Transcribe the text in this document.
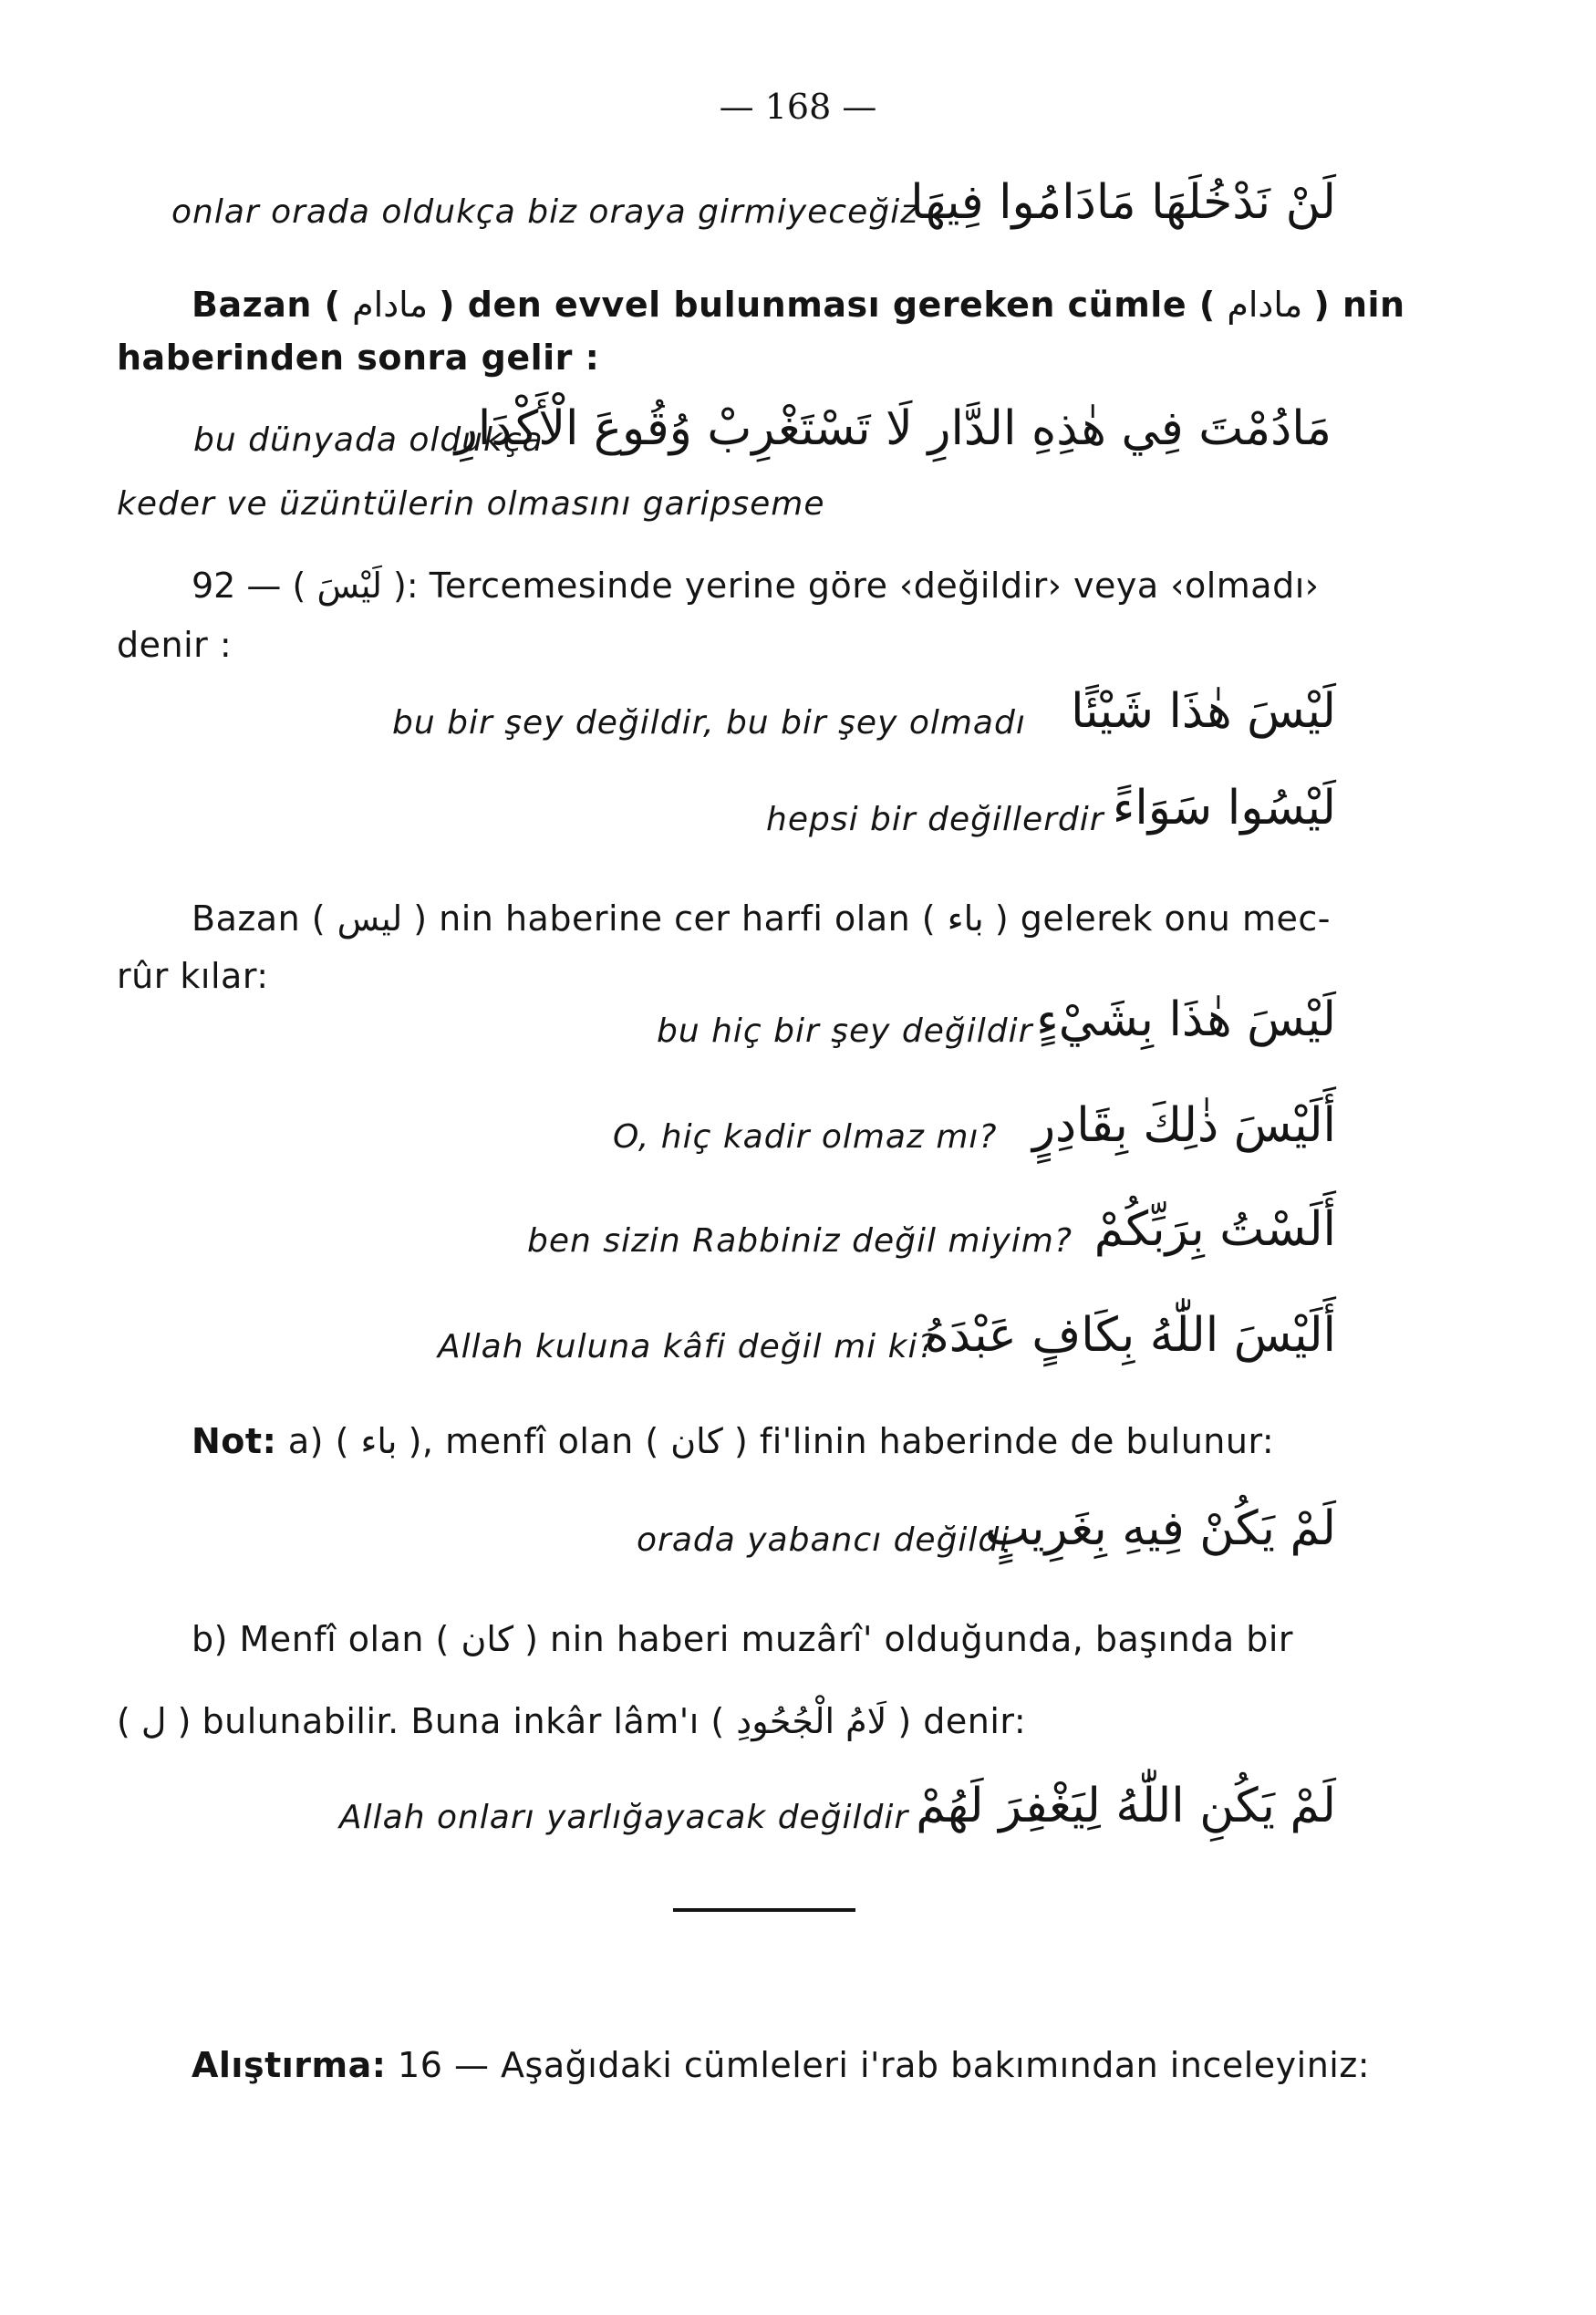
— 168 —
onlar orada oldukça biz oraya girmiyeceğiz
لَنْ نَدْخُلَهَا مَادَامُوا فِيهَا
Bazan ( مادام ) den evvel bulunması gereken cümle ( مادام ) nin
haberinden sonra gelir :
bu dünyada oldukça
مَادُمْتَ فِي هٰذِهِ الدَّارِ لَا تَسْتَغْرِبْ وُقُوعَ الْأَكْدَارِ
keder ve üzüntülerin olmasını garipseme
92 — ( لَيْسَ ): Tercemesinde yerine göre ‹değildir› veya ‹olmadı›
denir :
bu bir şey değildir, bu bir şey olmadı لَيْسَ هٰذَا شَيْئًا
hepsi bir değillerdir لَيْسُوا سَوَاءً
Bazan ( ليس ) nin haberine cer harfi olan ( باء ) gelerek onu mec-
rûr kılar:
bu hiç bir şey değildir لَيْسَ هٰذَا بِشَيْءٍ
O, hiç kadir olmaz mı? أَلَيْسَ ذٰلِكَ بِقَادِرٍ
ben sizin Rabbiniz değil miyim? أَلَسْتُ بِرَبِّكُمْ
Allah kuluna kâfi değil mi ki?
أَلَيْسَ اللّٰهُ بِكَافٍ عَبْدَهُ
Not: a) ( باء ), menfî olan ( كان ) fi'linin haberinde de bulunur:
orada yabancı değildi
لَمْ يَكُنْ فِيهِ بِغَرِيبٍ
b) Menfî olan ( كان ) nin haberi muzârî' olduğunda, başında bir
( ل ) bulunabilir. Buna inkâr lâm'ı ( لَامُ الْجُحُودِ ) denir:
Allah onları yarlığayacak değildir لَمْ يَكُنِ اللّٰهُ لِيَغْفِرَ لَهُمْ
Alıştırma: 16 — Aşağıdaki cümleleri i'rab bakımından inceleyiniz:
